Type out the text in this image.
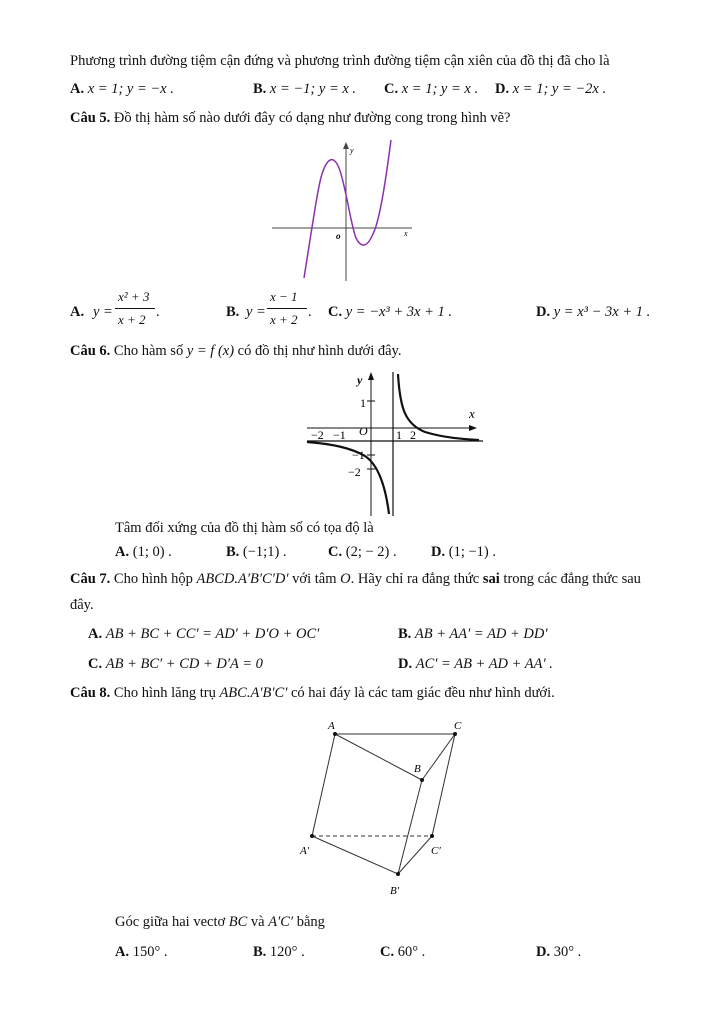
Phương trình đường tiệm cận đứng và phương trình đường tiệm cận xiên của đồ thị đã cho là
A. x = 1; y = −x .	B. x = −1; y = x . C. x = 1; y = x . D. x = 1; y = −2x .
Câu 5. Đồ thị hàm số nào dưới đây có dạng như đường cong trong hình vẽ?
y
x
o
A. y =
x² + 3
x + 2 .	B. y =
x − 1
x + 2 . C. y = −x³ + 3x + 1 .	D. y = x³ − 3x + 1 .
Câu 6. Cho hàm số y = f (x) có đồ thị như hình dưới đây.
y
x
1
O 1 2
−2 −1
−1
−2
Tâm đối xứng của đồ thị hàm số có tọa độ là
A. (1; 0) .	B. (−1;1) .	C. (2; − 2) . D. (1; −1) .
Câu 7. Cho hình hộp ABCD.A′B′C′D′ với tâm O. Hãy chỉ ra đẳng thức sai trong các đẳng thức sau
đây.
A. AB + BC + CC′ = AD′ + D′O + OC′	B. AB + AA′ = AD + DD′
C. AB + BC′ + CD + D′A = 0	D. AC′ = AB + AD + AA′ .
Câu 8. Cho hình lăng trụ ABC.A′B′C′ có hai đáy là các tam giác đều như hình dưới.
A	C
B
A′	C′
B′
Góc giữa hai vectơ BC và A′C′ bằng
A. 150° .	B. 120° .	C. 60° .	D. 30° .
